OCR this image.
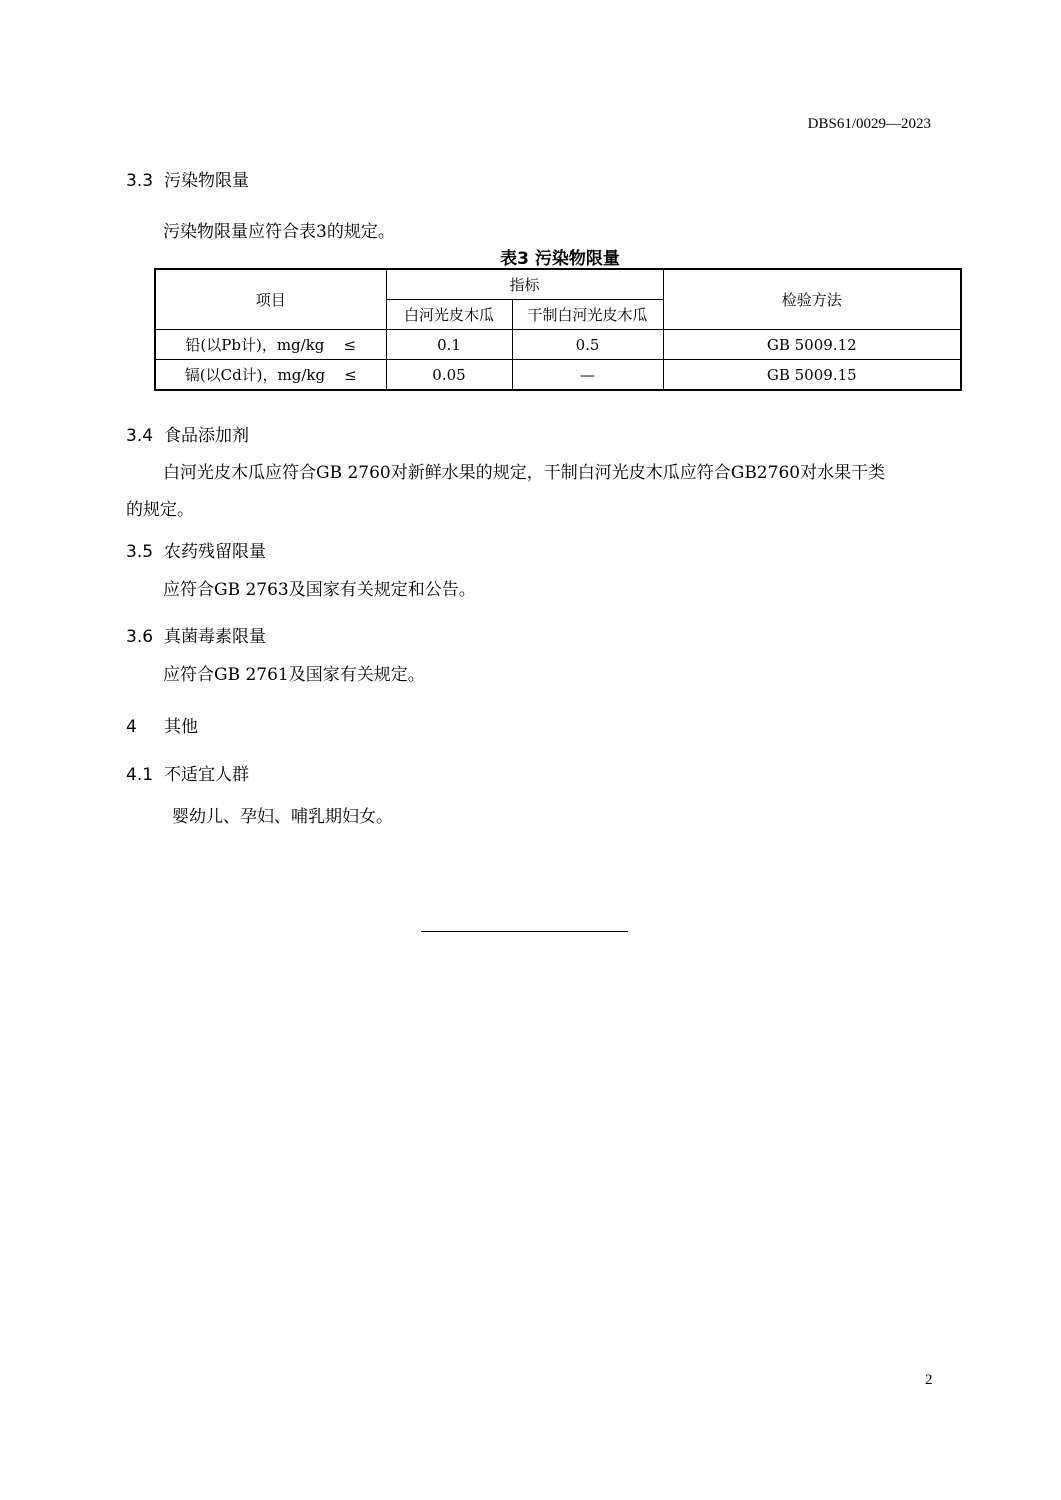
DBS61/0029—2023
3.3 污染物限量
污染物限量应符合表3的规定。
表3 污染物限量
项目	指标		检验方法
	白河光皮木瓜	干制白河光皮木瓜	
铅(以Pb计)，mg/kg ≤	0.1	0.5	GB 5009.12
镉(以Cd计)，mg/kg ≤	0.05	—	GB 5009.15
3.4 食品添加剂
白河光皮木瓜应符合GB 2760对新鲜水果的规定，干制白河光皮木瓜应符合GB2760对水果干类
的规定。
3.5 农药残留限量
应符合GB 2763及国家有关规定和公告。
3.6 真菌毒素限量
应符合GB 2761及国家有关规定。
4 其他
4.1 不适宜人群
婴幼儿、孕妇、哺乳期妇女。
2
